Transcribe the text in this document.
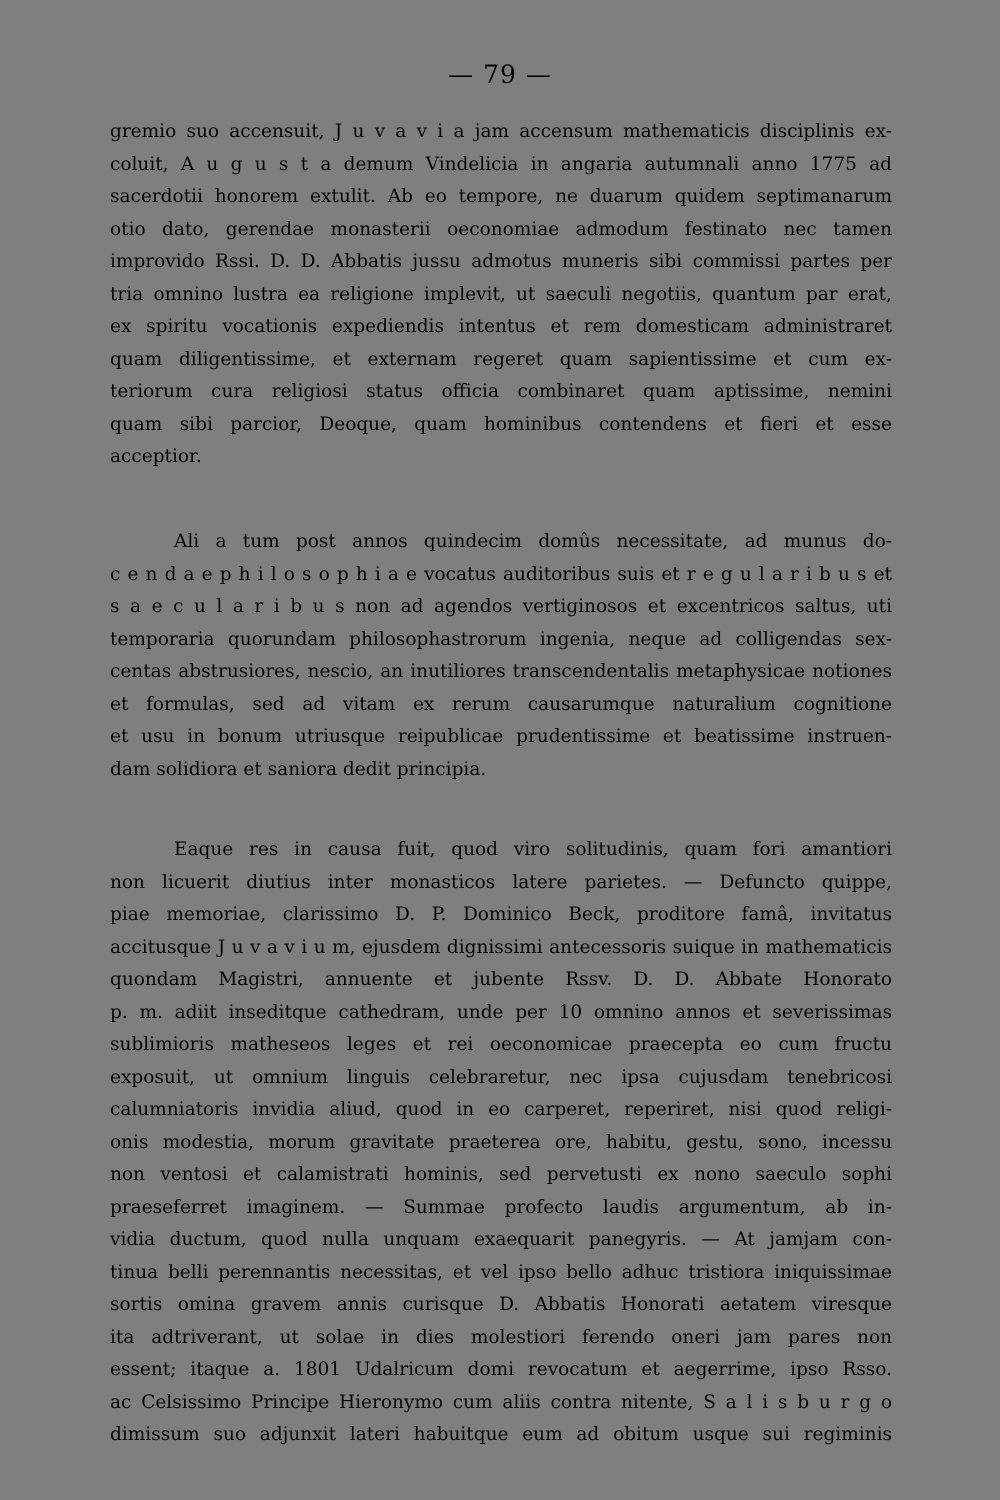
— 79 —
gremio suo accensuit, J u v a v i a jam accensum mathematicis disciplinis ex-
coluit, A u g u s t a demum Vindelicia in angaria autumnali anno 1775 ad
sacerdotii honorem extulit. Ab eo tempore, ne duarum quidem septimanarum
otio dato, gerendae monasterii oeconomiae admodum festinato nec tamen
improvido Rssi. D. D. Abbatis jussu admotus muneris sibi commissi partes per
tria omnino lustra ea religione implevit, ut saeculi negotiis, quantum par erat,
ex spiritu vocationis expediendis intentus et rem domesticam administraret
quam diligentissime, et externam regeret quam sapientissime et cum ex-
teriorum cura religiosi status officia combinaret quam aptissime, nemini
quam sibi parcior, Deoque, quam hominibus contendens et fieri et esse
acceptior.
Ali a tum post annos quindecim domûs necessitate, ad munus do-
c e n d a e p h i l o s o p h i a e vocatus auditoribus suis et r e g u l a r i b u s et
s a e c u l a r i b u s non ad agendos vertiginosos et excentricos saltus, uti
temporaria quorundam philosophastrorum ingenia, neque ad colligendas sex-
centas abstrusiores, nescio, an inutiliores transcendentalis metaphysicae notiones
et formulas, sed ad vitam ex rerum causarumque naturalium cognitione
et usu in bonum utriusque reipublicae prudentissime et beatissime instruen-
dam solidiora et saniora dedit principia.
Eaque res in causa fuit, quod viro solitudinis, quam fori amantiori
non licuerit diutius inter monasticos latere parietes. — Defuncto quippe,
piae memoriae, clarissimo D. P. Dominico Beck, proditore famâ, invitatus
accitusque J u v a v i u m, ejusdem dignissimi antecessoris suique in mathematicis
quondam Magistri, annuente et jubente Rssv. D. D. Abbate Honorato
p. m. adiit inseditque cathedram, unde per 10 omnino annos et severissimas
sublimioris matheseos leges et rei oeconomicae praecepta eo cum fructu
exposuit, ut omnium linguis celebraretur, nec ipsa cujusdam tenebricosi
calumniatoris invidia aliud, quod in eo carperet, reperiret, nisi quod religi-
onis modestia, morum gravitate praeterea ore, habitu, gestu, sono, incessu
non ventosi et calamistrati hominis, sed pervetusti ex nono saeculo sophi
praeseferret imaginem. — Summae profecto laudis argumentum, ab in-
vidia ductum, quod nulla unquam exaequarit panegyris. — At jamjam con-
tinua belli perennantis necessitas, et vel ipso bello adhuc tristiora iniquissimae
sortis omina gravem annis curisque D. Abbatis Honorati aetatem viresque
ita adtriverant, ut solae in dies molestiori ferendo oneri jam pares non
essent; itaque a. 1801 Udalricum domi revocatum et aegerrime, ipso Rsso.
ac Celsissimo Principe Hieronymo cum aliis contra nitente, S a l i s b u r g o
dimissum suo adjunxit lateri habuitque eum ad obitum usque sui regiminis
